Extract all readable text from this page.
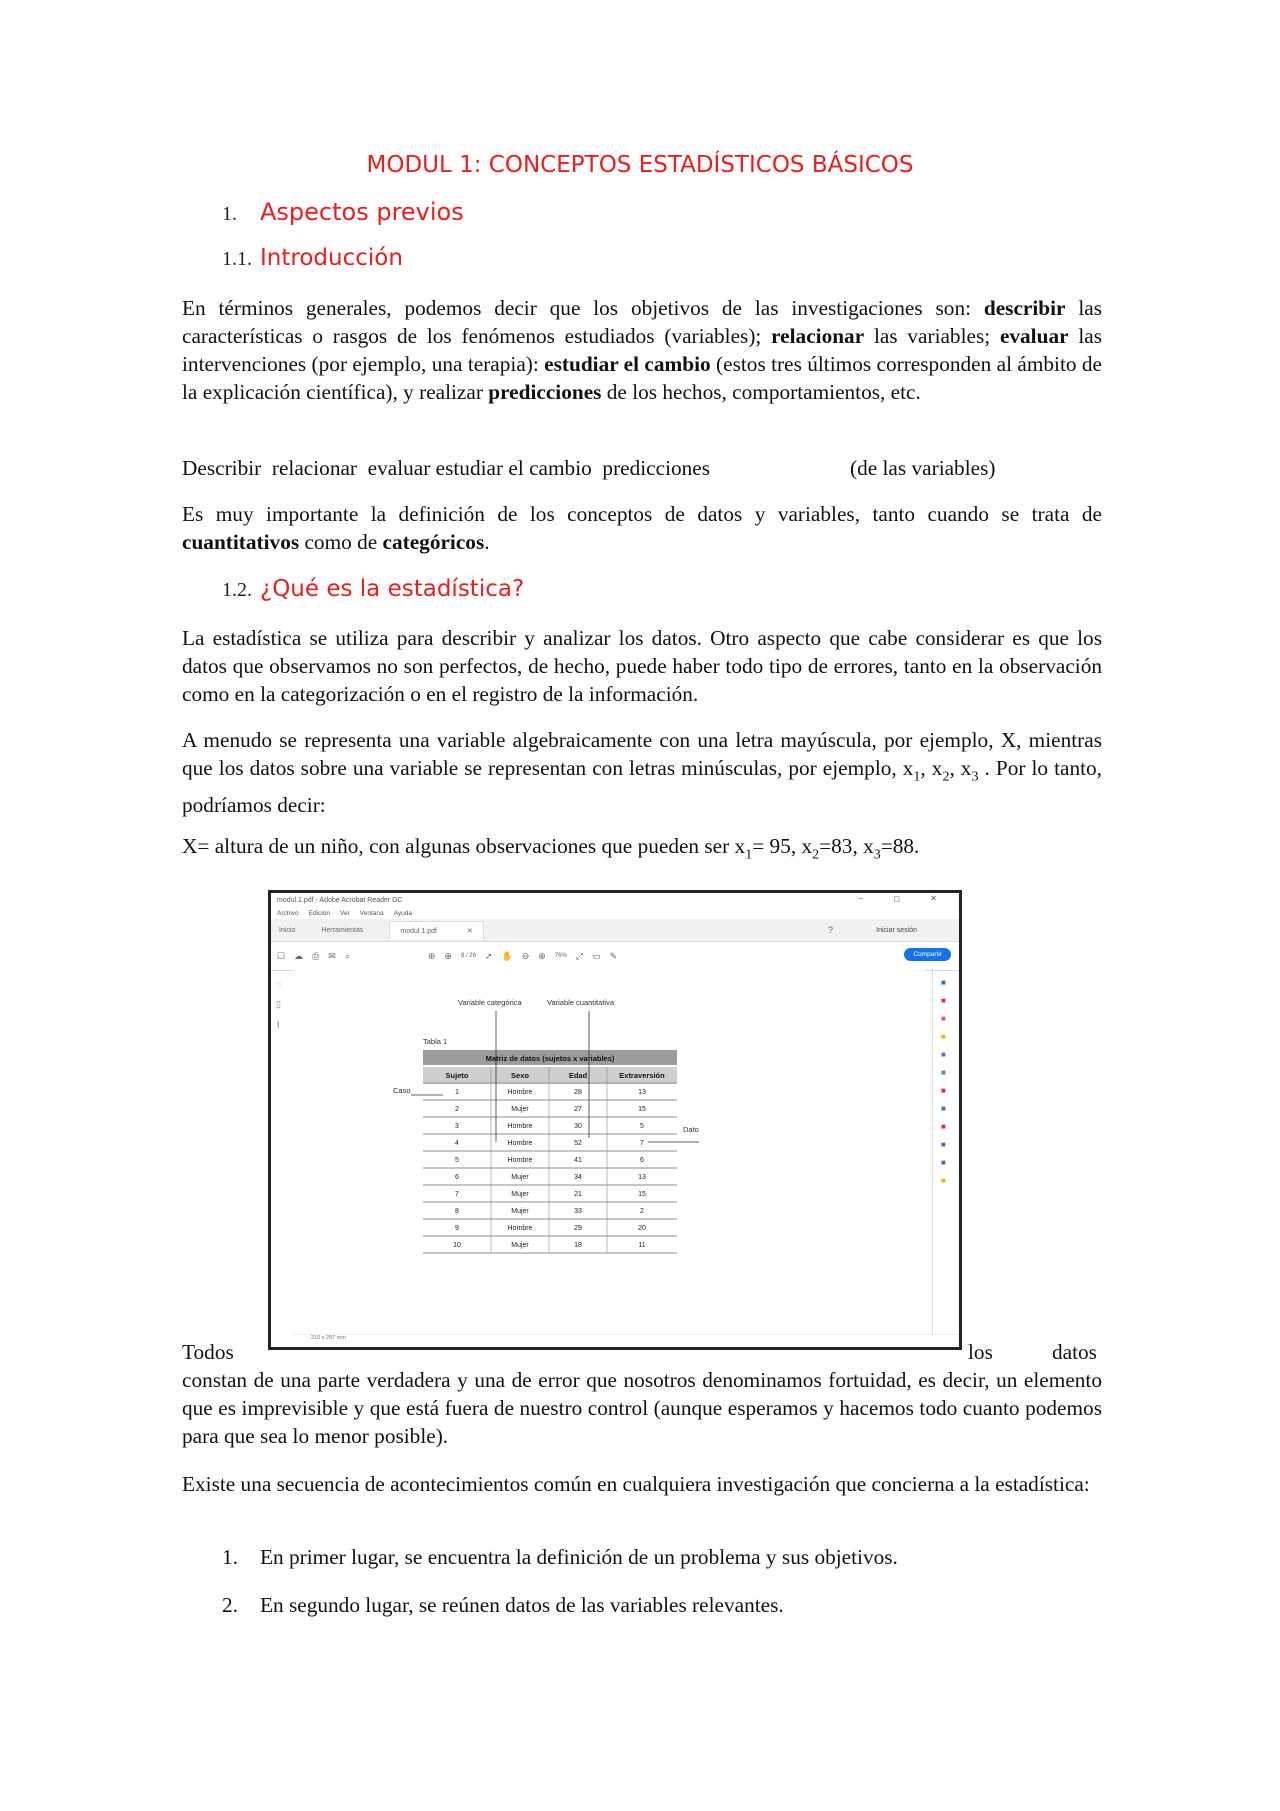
MODUL 1: CONCEPTOS ESTADÍSTICOS BÁSICOS
1. Aspectos previos
1.1. Introducción

En términos generales, podemos decir que los objetivos de las investigaciones son: describir las características o rasgos de los fenómenos estudiados (variables); relacionar las variables; evaluar las intervenciones (por ejemplo, una terapia): estudiar el cambio (estos tres últimos corresponden al ámbito de la explicación científica), y realizar predicciones de los hechos, comportamientos, etc.

Describir  relacionar  evaluar estudiar el cambio  predicciones	(de las variables)

Es muy importante la definición de los conceptos de datos y variables, tanto cuando se trata de cuantitativos como de categóricos.

1.2. ¿Qué es la estadística?

La estadística se utiliza para describir y analizar los datos. Otro aspecto que cabe considerar es que los datos que observamos no son perfectos, de hecho, puede haber todo tipo de errores, tanto en la observación como en la categorización o en el registro de la información.

A menudo se representa una variable algebraicamente con una letra mayúscula, por ejemplo, X, mientras que los datos sobre una variable se representan con letras minúsculas, por ejemplo, $x_1$, $x_2$, $x_3$ . Por lo tanto, podríamos decir:

X= altura de un niño, con algunas observaciones que pueden ser $x_1= 95$, $x_2=83$, $x_3=88$.

modul 1.pdf - Adobe Acrobat Reader DC	– ◻ ✕
Archivo Edición Ver Ventana Ayuda
Inicio	Herramientas	modul 1.pdf	✕	?	Iniciar sesión
☐ ☁ ⎙ ✉ ⌕	⊕ ⊕ 8 / 26 ➚ ✋ ⊖ ⊕ 76% ⤢ ▭ ✎	Compartir
◌
▯
⌇
Variable categórica	Variable cuantitativa
Tabla 1
Matriz de datos (sujetos x variables)
Sujeto	Sexo	Edad	Extraversión
1	Hombre	28	13
2	Mujer	27	15
3	Hombre	30	5
4	Hombre	52	7
5	Hombre	41	6
6	Mujer	34	13
7	Mujer	21	15
8	Mujer	33	2
9	Hombre	29	20
10	Mujer	18	11
Caso
Dato
■
■
■
■
■
■
■
■
■
■
■
■
210 x 297 mm
Todos	los	datos

constan de una parte verdadera y una de error que nosotros denominamos fortuidad, es decir, un elemento que es imprevisible y que está fuera de nuestro control (aunque esperamos y hacemos todo cuanto podemos para que sea lo menor posible).

Existe una secuencia de acontecimientos común en cualquiera investigación que concierna a la estadística:

1. En primer lugar, se encuentra la definición de un problema y sus objetivos.
2. En segundo lugar, se reúnen datos de las variables relevantes.
